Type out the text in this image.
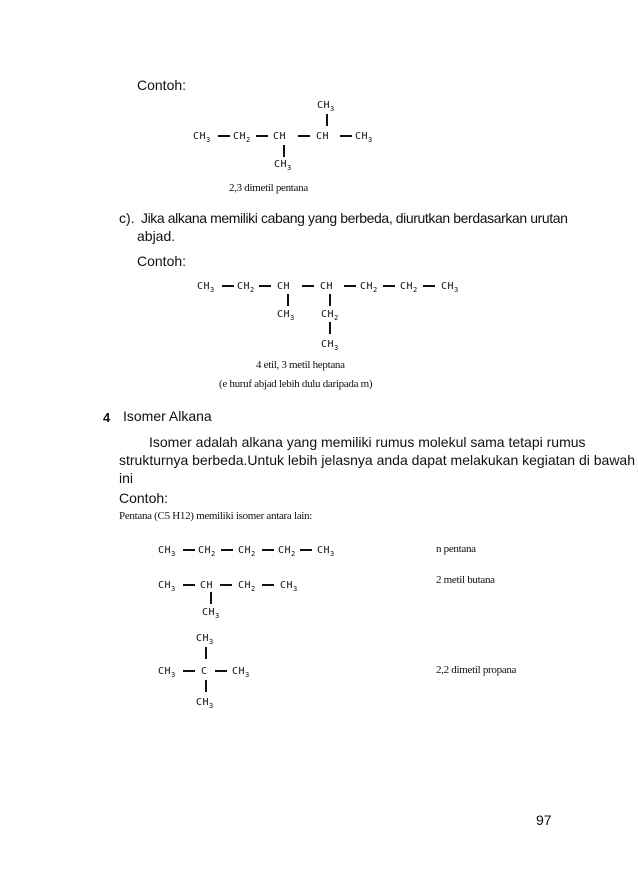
Contoh:
$CH_3$
$CH_3$ $CH_2$ CH	CH	$CH_3$
$CH_3$
2,3 dimetil pentana
c). Jika alkana memiliki cabang yang berbeda, diurutkan berdasarkan urutan
abjad.
Contoh:
$CH_3$ $CH_2$ CH	CH	$CH_2$ $CH_2$ $CH_3$
$CH_3$	$CH_2$
$CH_3$
4 etil, 3 metil heptana
(e huruf abjad lebih dulu daripada m)
4 Isomer Alkana
Isomer adalah alkana yang memiliki rumus molekul sama tetapi rumus
strukturnya berbeda.Untuk lebih jelasnya anda dapat melakukan kegiatan di bawah
ini
Contoh:
Pentana (C5 H12) memiliki isomer antara lain:
$CH_3$ $CH_2$ $CH_2$ $CH_2$ $CH_3$	n pentana
$CH_3$ CH $CH_2$ $CH_3$
$CH_3$
2 metil butana
$CH_3$
$CH_3$	C $CH_3$
$CH_3$
2,2 dimetil propana
97
